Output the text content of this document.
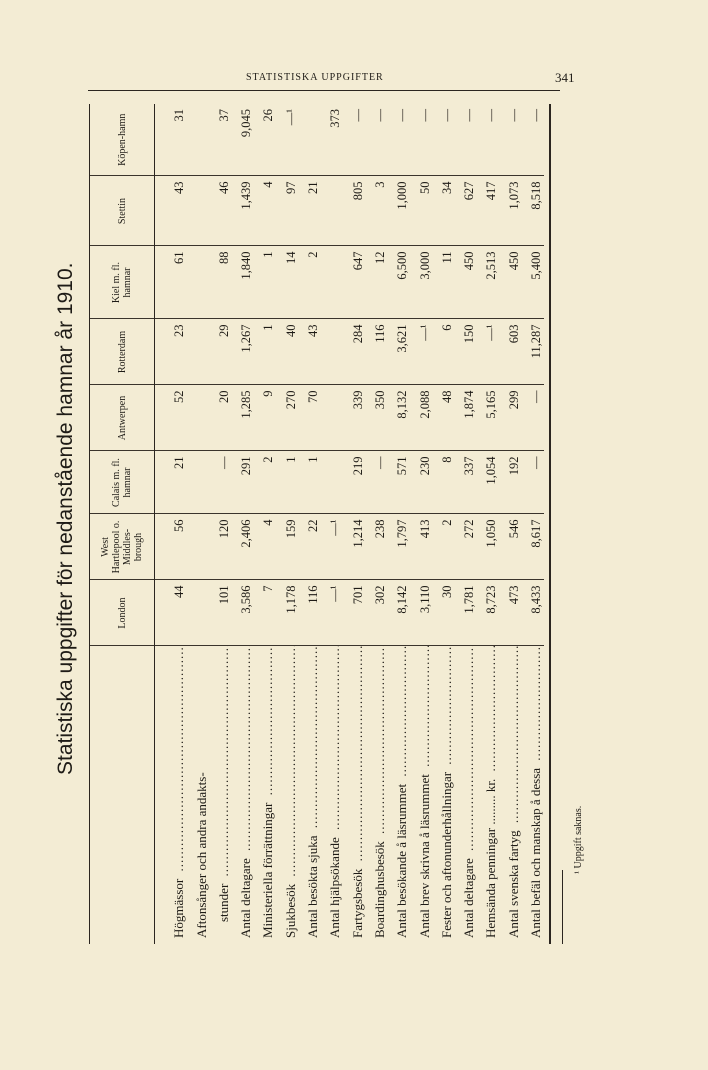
STATISTISKA UPPGIFTER	341
Statistiska uppgifter för nedanstående hamnar år 1910.
		London	West Hartlepool o. Middles-brough	Calais m. fl. hamnar	Antwerpen	Rotterdam	Kiel m. fl. hamnar	Stettin	Köpen-hamn
Högmässor.....	44	56	21	52	23	61	43	31
Aftonsånger och andra andakts-								
stunder.....	101	120	—	20	29	88	46	37
Antal deltagare.....	3,586	2,406	291	1,285	1,267	1,840	1,439	9,045
Ministeriella förrättningar.....	7	4	2	9	1	1	4	26
Sjukbesök.....	1,178	159	1	270	40	14	97	—¹
Antal besökta sjuka.....	116	22	1	70	43	2	21	
Antal hjälpsökande.....	—¹	—¹						373
Fartygsbesök.....	701	1,214	219	339	284	647	805	—
Boardinghusbesök.....	302	238	—	350	116	12	3	—
Antal besökande å läsrummet.....	8,142	1,797	571	8,132	3,621	6,500	1,000	—
Antal brev skrivna å läsrummet.....	3,110	413	230	2,088	—¹	3,000	50	—
Fester och aftonunderhållningar.....	30	2	8	48	6	11	34	—
Antal deltagare.....	1,781	272	337	1,874	150	450	627	—
Hemsända penningar ......... kr......	8,723	1,050	1,054	5,165	—¹	2,513	417	—
Antal svenska fartyg.....	473	546	192	299	603	450	1,073	—
Antal befäl och manskap å dessa.....	8,433	8,617	—	—	11,287	5,400	8,518	—
¹ Uppgift saknas.
